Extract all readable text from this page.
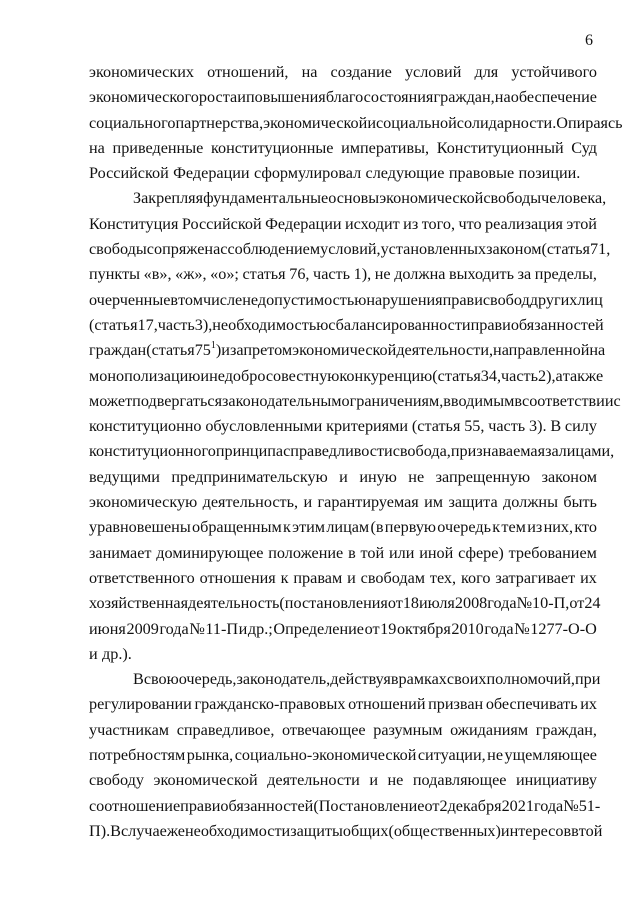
6
экономических отношений, на создание условий для устойчивого
экономического роста и повышения благосостояния граждан, на обеспечение
социального партнерства, экономической и социальной солидарности. Опираясь
на приведенные конституционные императивы, Конституционный Суд
Российской Федерации сформулировал следующие правовые позиции.
Закрепляя фундаментальные основы экономической свободы человека,
Конституция Российской Федерации исходит из того, что реализация этой
свободы сопряжена с соблюдением условий, установленных законом (статья 71,
пункты «в», «ж», «о»; статья 76, часть 1), не должна выходить за пределы,
очерченные в том числе недопустимостью нарушения прав и свобод других лиц
(статья 17, часть 3), необходимостью сбалансированности прав и обязанностей
граждан (статья $75^1$) и запретом экономической деятельности, направленной на
монополизацию и недобросовестную конкуренцию (статья 34, часть 2), а также
может подвергаться законодательным ограничениям, вводимым в соответствии с
конституционно обусловленными критериями (статья 55, часть 3). В силу
конституционного принципа справедливости свобода, признаваемая за лицами,
ведущими предпринимательскую и иную не запрещенную законом
экономическую деятельность, и гарантируемая им защита должны быть
уравновешены обращенным к этим лицам (в первую очередь к тем из них, кто
занимает доминирующее положение в той или иной сфере) требованием
ответственного отношения к правам и свободам тех, кого затрагивает их
хозяйственная деятельность (постановления от 18 июля 2008 года № 10-П, от 24
июня 2009 года № 11-П и др.; Определение от 19 октября 2010 года № 1277-О-О
и др.).
В свою очередь, законодатель, действуя в рамках своих полномочий, при
регулировании гражданско-правовых отношений призван обеспечивать их
участникам справедливое, отвечающее разумным ожиданиям граждан,
потребностям рынка, социально-экономической ситуации, не ущемляющее
свободу экономической деятельности и не подавляющее инициативу
соотношение прав и обязанностей (Постановление от 2 декабря 2021 года № 51-
П). В случае же необходимости защиты общих (общественных) интересов в той
